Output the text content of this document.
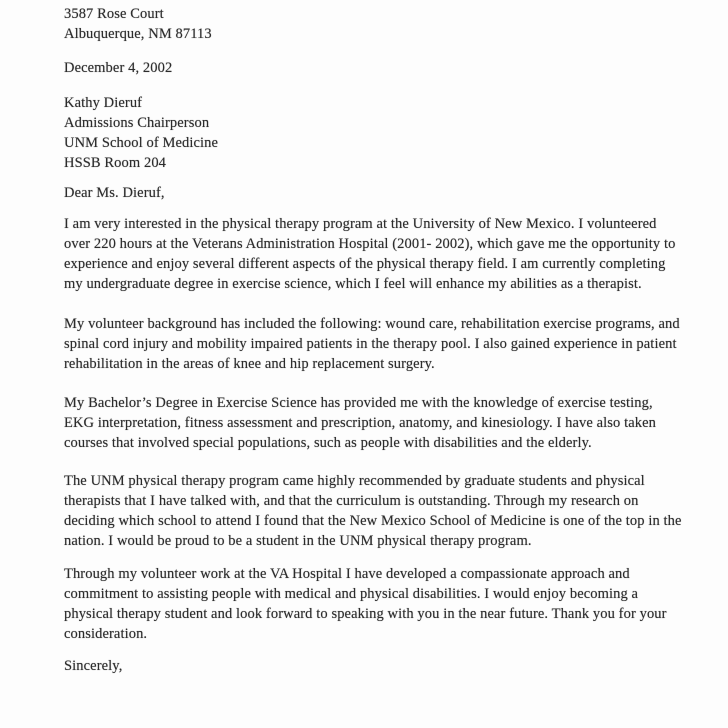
3587 Rose Court
Albuquerque, NM 87113
December 4, 2002
Kathy Dieruf
Admissions Chairperson
UNM School of Medicine
HSSB Room 204
Dear Ms. Dieruf,
I am very interested in the physical therapy program at the University of New Mexico. I volunteered
over 220 hours at the Veterans Administration Hospital (2001- 2002), which gave me the opportunity to
experience and enjoy several different aspects of the physical therapy field. I am currently completing
my undergraduate degree in exercise science, which I feel will enhance my abilities as a therapist.
My volunteer background has included the following: wound care, rehabilitation exercise programs, and
spinal cord injury and mobility impaired patients in the therapy pool. I also gained experience in patient
rehabilitation in the areas of knee and hip replacement surgery.
My Bachelor’s Degree in Exercise Science has provided me with the knowledge of exercise testing,
EKG interpretation, fitness assessment and prescription, anatomy, and kinesiology. I have also taken
courses that involved special populations, such as people with disabilities and the elderly.
The UNM physical therapy program came highly recommended by graduate students and physical
therapists that I have talked with, and that the curriculum is outstanding. Through my research on
deciding which school to attend I found that the New Mexico School of Medicine is one of the top in the
nation. I would be proud to be a student in the UNM physical therapy program.
Through my volunteer work at the VA Hospital I have developed a compassionate approach and
commitment to assisting people with medical and physical disabilities. I would enjoy becoming a
physical therapy student and look forward to speaking with you in the near future. Thank you for your
consideration.
Sincerely,
